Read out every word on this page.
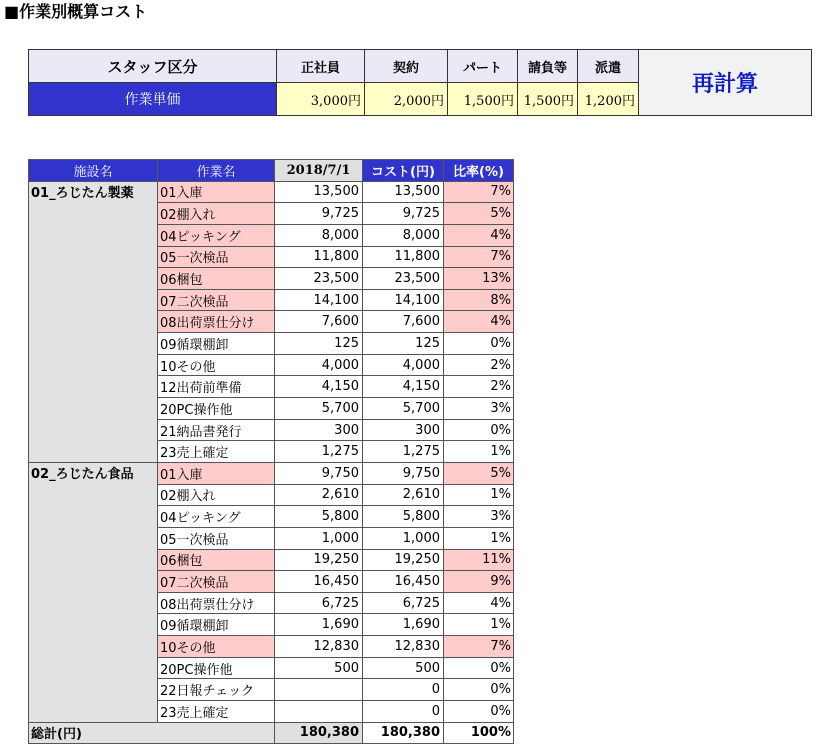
■作業別概算コスト
スタッフ区分	正社員	契約	パート	請負等	派遣	再計算
作業単価	3,000円	2,000円	1,500円	1,500円	1,200円	
施設名	作業名	2018/7/1	コスト(円)	比率(%)
01_ろじたん製薬	01入庫	13,500	13,500	7%
	02棚入れ	9,725	9,725	5%
	04ピッキング	8,000	8,000	4%
	05一次検品	11,800	11,800	7%
	06梱包	23,500	23,500	13%
	07二次検品	14,100	14,100	8%
	08出荷票仕分け	7,600	7,600	4%
	09循環棚卸	125	125	0%
	10その他	4,000	4,000	2%
	12出荷前準備	4,150	4,150	2%
	20PC操作他	5,700	5,700	3%
	21納品書発行	300	300	0%
	23売上確定	1,275	1,275	1%
02_ろじたん食品	01入庫	9,750	9,750	5%
	02棚入れ	2,610	2,610	1%
	04ピッキング	5,800	5,800	3%
	05一次検品	1,000	1,000	1%
	06梱包	19,250	19,250	11%
	07二次検品	16,450	16,450	9%
	08出荷票仕分け	6,725	6,725	4%
	09循環棚卸	1,690	1,690	1%
	10その他	12,830	12,830	7%
	20PC操作他	500	500	0%
	22日報チェック		0	0%
	23売上確定		0	0%
総計(円)		180,380	180,380	100%
